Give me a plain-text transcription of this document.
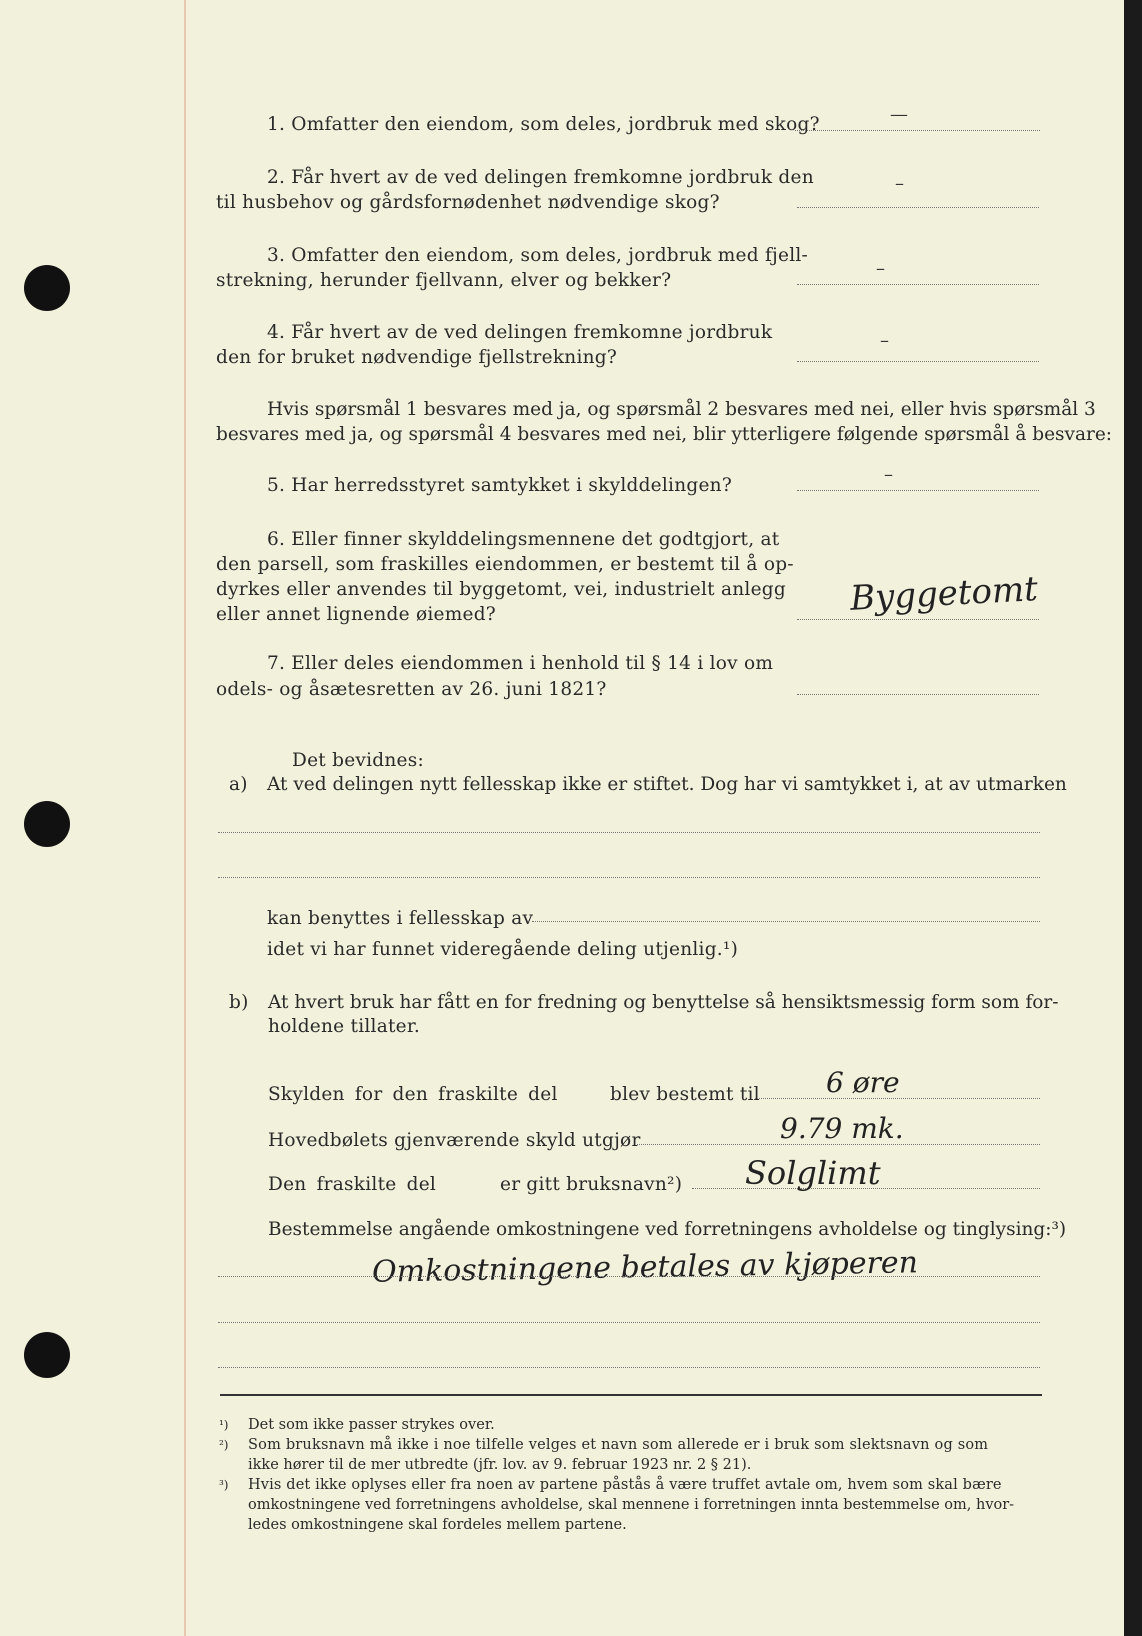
1. Omfatter den eiendom, som deles, jordbruk med skog?	—
2. Får hvert av de ved delingen fremkomne jordbruk den
til husbehov og gårdsfornødenhet nødvendige skog?
–
3. Omfatter den eiendom, som deles, jordbruk med fjell-
strekning, herunder fjellvann, elver og bekker?
–
4. Får hvert av de ved delingen fremkomne jordbruk
den for bruket nødvendige fjellstrekning?
–
Hvis spørsmål 1 besvares med ja, og spørsmål 2 besvares med nei, eller hvis spørsmål 3
besvares med ja, og spørsmål 4 besvares med nei, blir ytterligere følgende spørsmål å besvare:
5. Har herredsstyret samtykket i skylddelingen?
–
6. Eller finner skylddelingsmennene det godtgjort, at
den parsell, som fraskilles eiendommen, er bestemt til å op-
dyrkes eller anvendes til byggetomt, vei, industrielt anlegg
eller annet lignende øiemed?	Byggetomt
7. Eller deles eiendommen i henhold til § 14 i lov om
odels- og åsætesretten av 26. juni 1821?
Det bevidnes:
a) At ved delingen nytt fellesskap ikke er stiftet. Dog har vi samtykket i, at av utmarken
kan benyttes i fellesskap av
idet vi har funnet videregående deling utjenlig.¹)
b) At hvert bruk har fått en for fredning og benyttelse så hensiktsmessig form som for-
holdene tillater.
Skylden for den fraskilte del	blev bestemt til 6 øre
Hovedbølets gjenværende skyld utgjør	9.79 mk.
Den fraskilte del	er gitt bruksnavn²) Solglimt
Bestemmelse angående omkostningene ved forretningens avholdelse og tinglysing:³)
Omkostningene betales av kjøperen
¹) Det som ikke passer strykes over.
²) Som bruksnavn må ikke i noe tilfelle velges et navn som allerede er i bruk som slektsnavn og som
ikke hører til de mer utbredte (jfr. lov. av 9. februar 1923 nr. 2 § 21).
³) Hvis det ikke oplyses eller fra noen av partene påstås å være truffet avtale om, hvem som skal bære
omkostningene ved forretningens avholdelse, skal mennene i forretningen innta bestemmelse om, hvor-
ledes omkostningene skal fordeles mellem partene.
